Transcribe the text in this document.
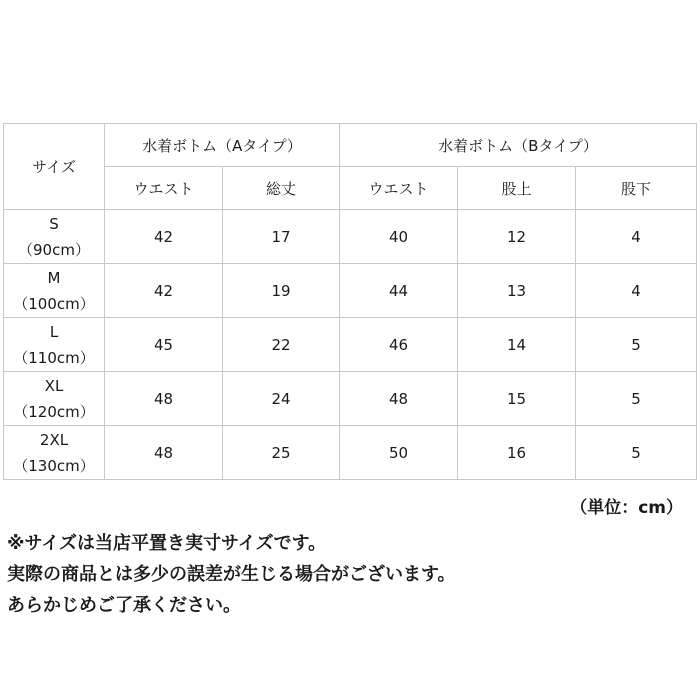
サイズ	水着ボトム（Aタイプ）		水着ボトム（Bタイプ）		
	ウエスト	総丈	ウエスト	股上	股下

S
（90cm）	42	17	40	12	4

M
（100cm）	42	19	44	13	4

L
（110cm）	45	22	46	14	5

XL
（120cm）	48	24	48	15	5

2XL
（130cm）	48	25	50	16	5
（単位：cm）
※サイズは当店平置き実寸サイズです。
実際の商品とは多少の誤差が生じる場合がございます。
あらかじめご了承ください。
